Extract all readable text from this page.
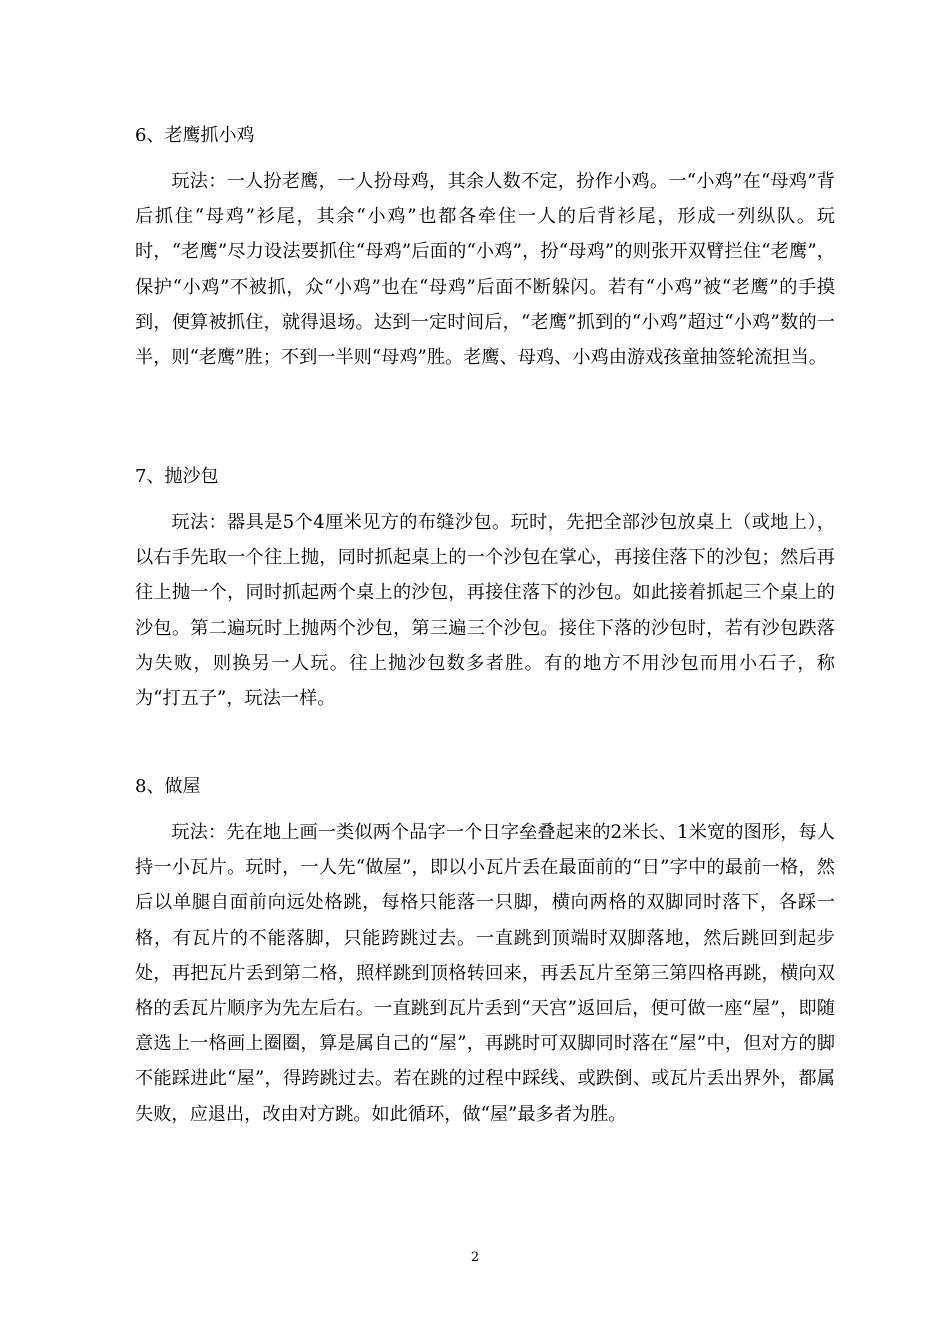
6、老鹰抓小鸡

玩法：一人扮老鹰，一人扮母鸡，其余人数不定，扮作小鸡。一“小鸡”在“母鸡”背后抓住“母鸡”衫尾，其余“小鸡”也都各牵住一人的后背衫尾，形成一列纵队。玩时，“老鹰”尽力设法要抓住“母鸡”后面的“小鸡”，扮“母鸡”的则张开双臂拦住“老鹰”，保护“小鸡”不被抓，众“小鸡”也在“母鸡”后面不断躲闪。若有“小鸡”被“老鹰”的手摸到，便算被抓住，就得退场。达到一定时间后，“老鹰”抓到的“小鸡”超过“小鸡”数的一半，则“老鹰”胜；不到一半则“母鸡”胜。老鹰、母鸡、小鸡由游戏孩童抽签轮流担当。

7、抛沙包

玩法：器具是5个4厘米见方的布缝沙包。玩时，先把全部沙包放桌上（或地上），以右手先取一个往上抛，同时抓起桌上的一个沙包在掌心，再接住落下的沙包；然后再往上抛一个，同时抓起两个桌上的沙包，再接住落下的沙包。如此接着抓起三个桌上的沙包。第二遍玩时上抛两个沙包，第三遍三个沙包。接住下落的沙包时，若有沙包跌落为失败，则换另一人玩。往上抛沙包数多者胜。有的地方不用沙包而用小石子，称为“打五子”，玩法一样。

8、做屋

玩法：先在地上画一类似两个品字一个日字垒叠起来的2米长、1米宽的图形，每人持一小瓦片。玩时，一人先“做屋”，即以小瓦片丢在最面前的“日”字中的最前一格，然后以单腿自面前向远处格跳，每格只能落一只脚，横向两格的双脚同时落下，各踩一格，有瓦片的不能落脚，只能跨跳过去。一直跳到顶端时双脚落地，然后跳回到起步处，再把瓦片丢到第二格，照样跳到顶格转回来，再丢瓦片至第三第四格再跳，横向双格的丢瓦片顺序为先左后右。一直跳到瓦片丢到“天宫”返回后，便可做一座“屋”，即随意选上一格画上圈圈，算是属自己的“屋”，再跳时可双脚同时落在“屋”中，但对方的脚不能踩进此“屋”，得跨跳过去。若在跳的过程中踩线、或跌倒、或瓦片丢出界外，都属失败，应退出，改由对方跳。如此循环，做“屋”最多者为胜。

2
